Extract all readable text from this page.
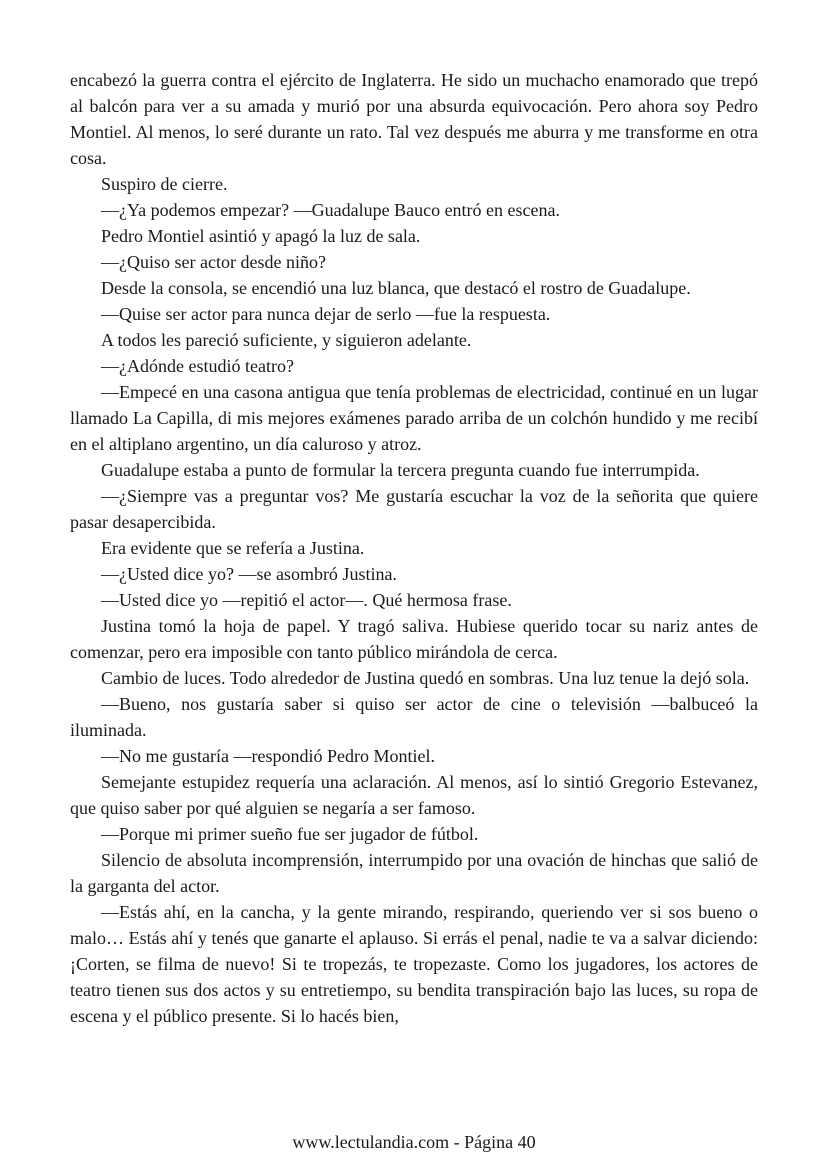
encabezó la guerra contra el ejército de Inglaterra. He sido un muchacho enamorado que trepó al balcón para ver a su amada y murió por una absurda equivocación. Pero ahora soy Pedro Montiel. Al menos, lo seré durante un rato. Tal vez después me aburra y me transforme en otra cosa.

Suspiro de cierre.

—¿Ya podemos empezar? —Guadalupe Bauco entró en escena.

Pedro Montiel asintió y apagó la luz de sala.

—¿Quiso ser actor desde niño?

Desde la consola, se encendió una luz blanca, que destacó el rostro de Guadalupe.

—Quise ser actor para nunca dejar de serlo —fue la respuesta.

A todos les pareció suficiente, y siguieron adelante.

—¿Adónde estudió teatro?

—Empecé en una casona antigua que tenía problemas de electricidad, continué en un lugar llamado La Capilla, di mis mejores exámenes parado arriba de un colchón hundido y me recibí en el altiplano argentino, un día caluroso y atroz.

Guadalupe estaba a punto de formular la tercera pregunta cuando fue interrumpida.

—¿Siempre vas a preguntar vos? Me gustaría escuchar la voz de la señorita que quiere pasar desapercibida.

Era evidente que se refería a Justina.

—¿Usted dice yo? —se asombró Justina.

—Usted dice yo —repitió el actor—. Qué hermosa frase.

Justina tomó la hoja de papel. Y tragó saliva. Hubiese querido tocar su nariz antes de comenzar, pero era imposible con tanto público mirándola de cerca.

Cambio de luces. Todo alrededor de Justina quedó en sombras. Una luz tenue la dejó sola.

—Bueno, nos gustaría saber si quiso ser actor de cine o televisión —balbuceó la iluminada.

—No me gustaría —respondió Pedro Montiel.

Semejante estupidez requería una aclaración. Al menos, así lo sintió Gregorio Estevanez, que quiso saber por qué alguien se negaría a ser famoso.

—Porque mi primer sueño fue ser jugador de fútbol.

Silencio de absoluta incomprensión, interrumpido por una ovación de hinchas que salió de la garganta del actor.

—Estás ahí, en la cancha, y la gente mirando, respirando, queriendo ver si sos bueno o malo… Estás ahí y tenés que ganarte el aplauso. Si errás el penal, nadie te va a salvar diciendo: ¡Corten, se filma de nuevo! Si te tropezás, te tropezaste. Como los jugadores, los actores de teatro tienen sus dos actos y su entretiempo, su bendita transpiración bajo las luces, su ropa de escena y el público presente. Si lo hacés bien,

www.lectulandia.com - Página 40
